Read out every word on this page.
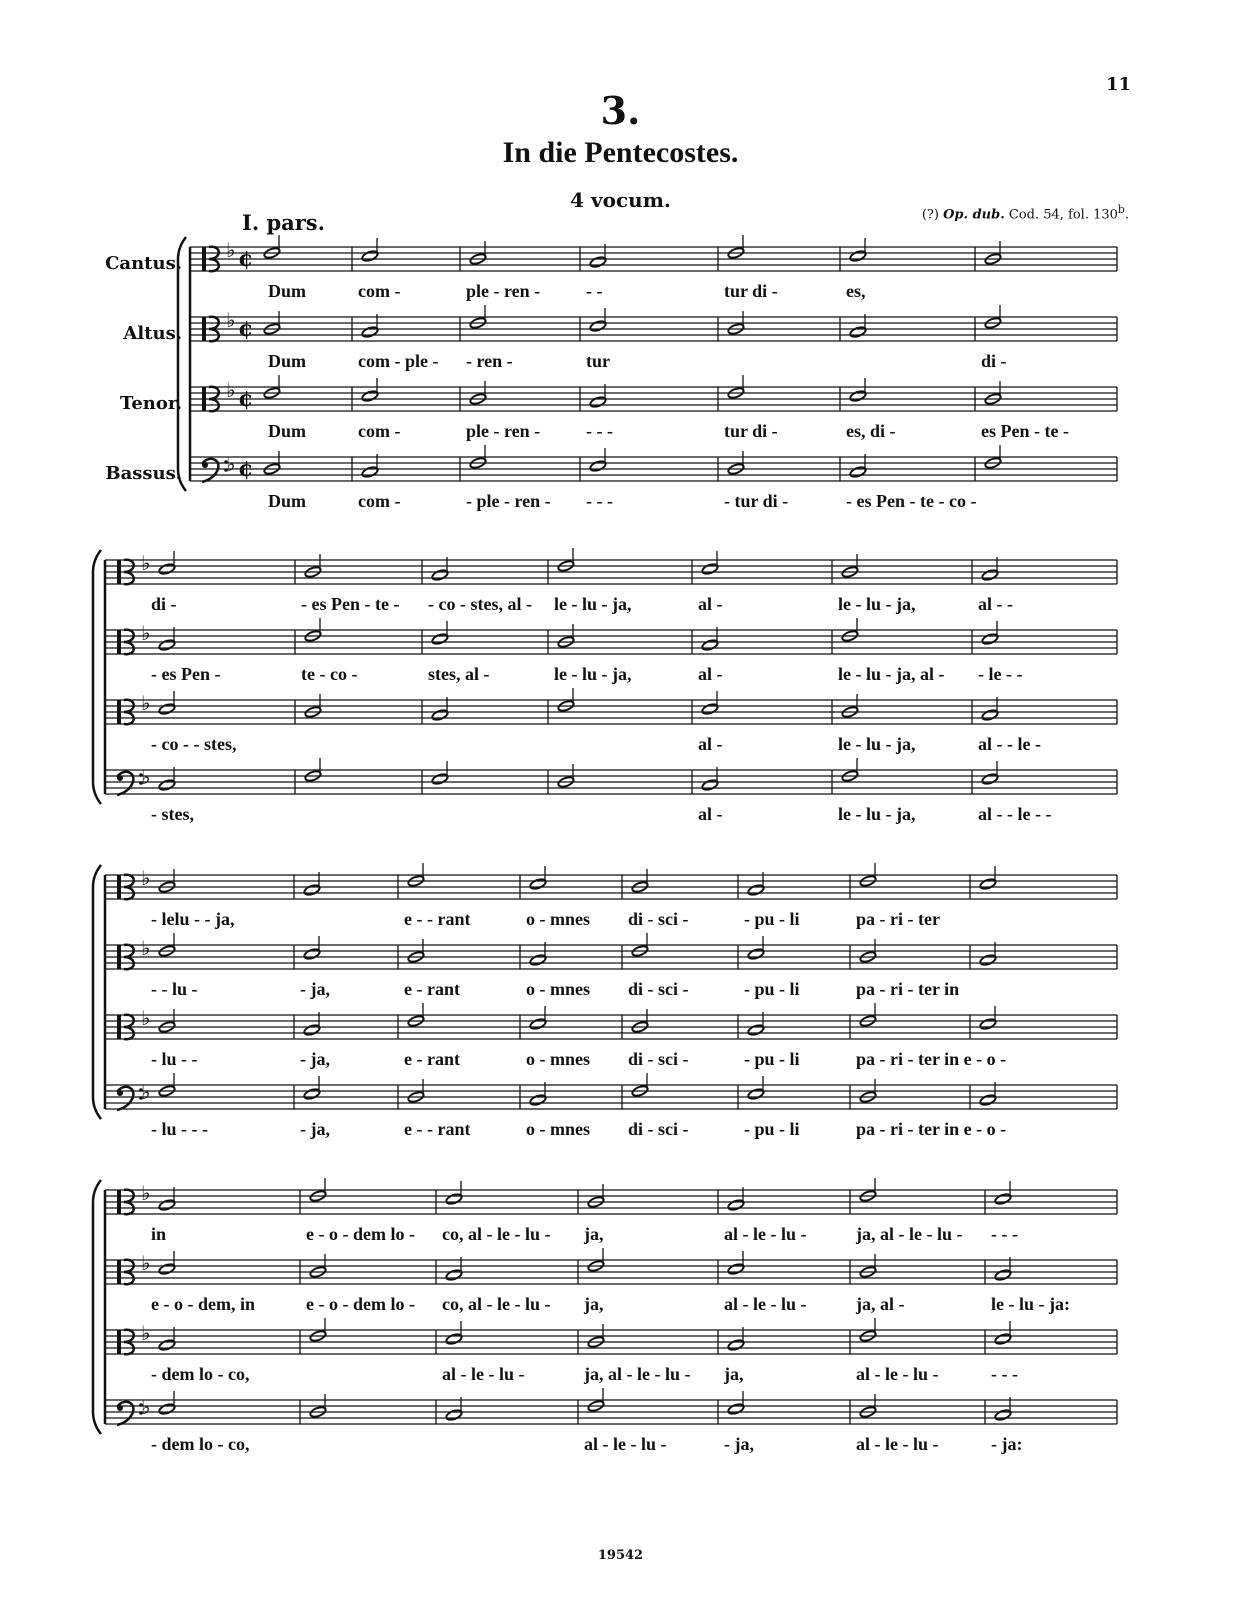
11
3.
In die Pentecostes.
4 vocum.
(?) Op. dub. Cod. 54, fol. 130$^b$.
I. pars.
Cantus.
Altus.
Tenor.
Bassus.
♭ ¢
♭ ¢
♭ ¢
♭ ¢
♭
♭
♭
♭
♭
♭
♭
♭
♭
♭
♭
♭
Dum	com -	ple - ren -	- -	tur di -	es,
Dum	com - ple - - ren -	tur	di -
Dum	com -	ple - ren -	- - -	tur di -	es, di -	es Pen - te -
Dum	com -	- ple - ren - - - -	- tur di -	- es Pen - te - co -
di -	- es Pen - te - - co - stes, al - le - lu - ja,	al -	le - lu - ja,	al - -
- es Pen -	te - co -	stes, al -	le - lu - ja,	al -	le - lu - ja, al - - le - -
- co - - stes,	al -	le - lu - ja,	al - - le -
- stes,	al -	le - lu - ja,	al - - le - -
- lelu - - ja,	e - - rant	o - mnes di - sci -	- pu - li	pa - ri - ter
- - lu -	- ja,	e - rant	o - mnes di - sci -	- pu - li	pa - ri - ter in
- lu - -	- ja,	e - rant	o - mnes di - sci -	- pu - li	pa - ri - ter in e - o -
- lu - - -	- ja,	e - - rant	o - mnes di - sci -	- pu - li	pa - ri - ter in e - o -
in	e - o - dem lo - co, al - le - lu - ja,	al - le - lu -	ja, al - le - lu - - - -
e - o - dem, in	e - o - dem lo - co, al - le - lu - ja,	al - le - lu -	ja, al -	le - lu - ja:
- dem lo - co,	al - le - lu -	ja, al - le - lu - ja,	al - le - lu -	- - -
- dem lo - co,	al - le - lu -	- ja,	al - le - lu -	- ja:
19542
